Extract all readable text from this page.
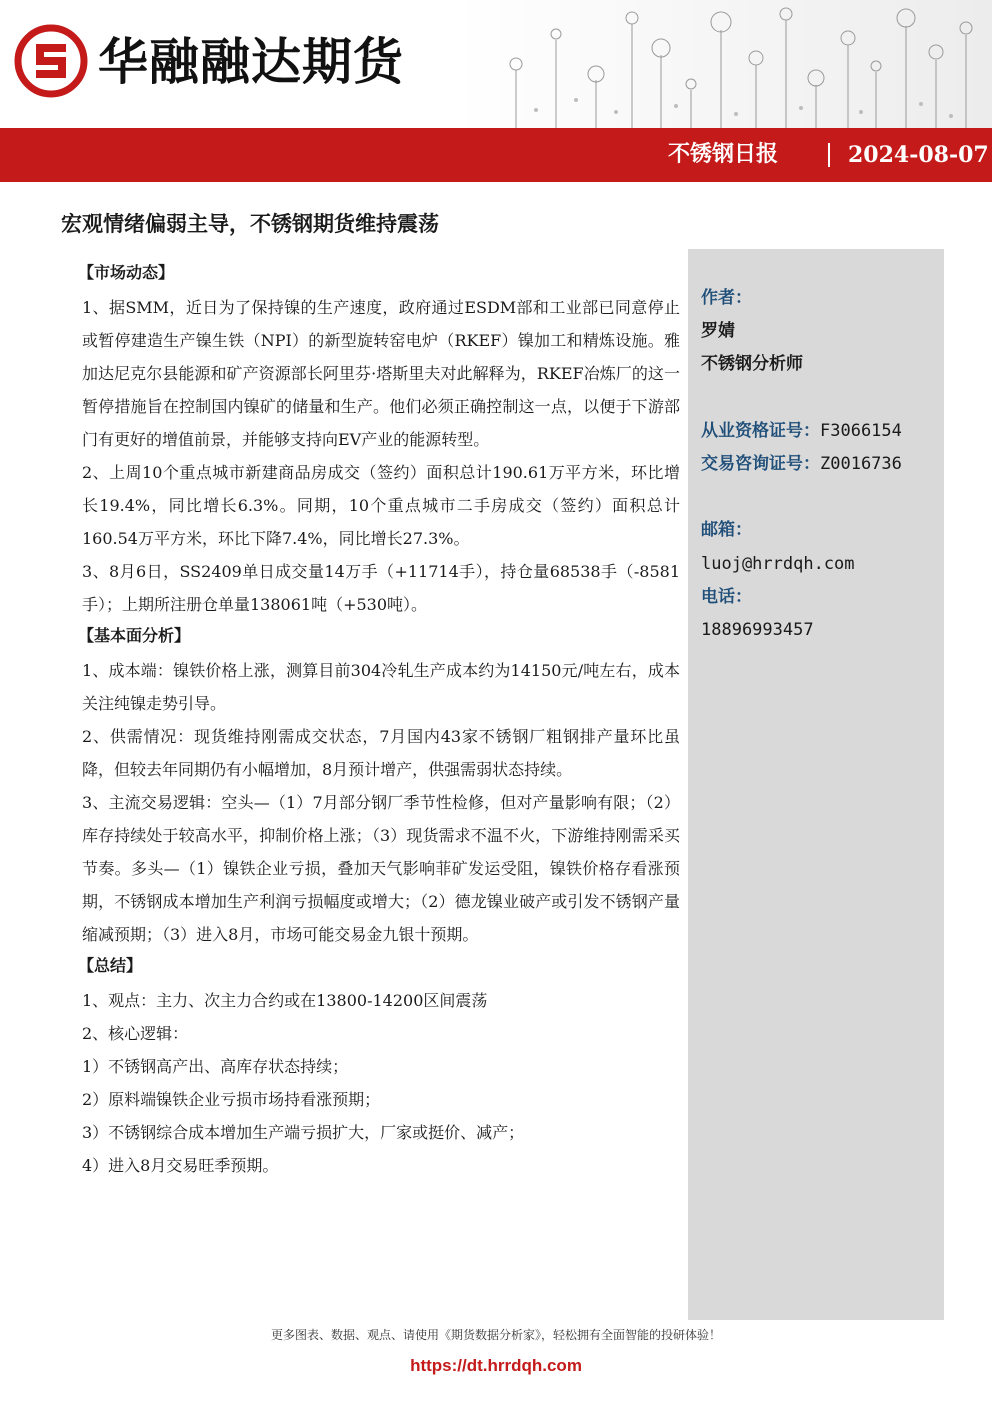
华融融达期货
不锈钢日报	2024-08-07
宏观情绪偏弱主导，不锈钢期货维持震荡
【市场动态】

1、据SMM，近日为了保持镍的生产速度，政府通过ESDM部和工业部已同意停止或暂停建造生产镍生铁（NPI）的新型旋转窑电炉（RKEF）镍加工和精炼设施。雅加达尼克尔县能源和矿产资源部长阿里芬·塔斯里夫对此解释为，RKEF冶炼厂的这一暂停措施旨在控制国内镍矿的储量和生产。他们必须正确控制这一点，以便于下游部门有更好的增值前景，并能够支持向EV产业的能源转型。

2、上周10个重点城市新建商品房成交（签约）面积总计190.61万平方米，环比增长19.4%，同比增长6.3%。同期，10个重点城市二手房成交（签约）面积总计160.54万平方米，环比下降7.4%，同比增长27.3%。

3、8月6日，SS2409单日成交量14万手（+11714手），持仓量68538手（-8581手）；上期所注册仓单量138061吨（+530吨）。

【基本面分析】

1、成本端：镍铁价格上涨，测算目前304冷轧生产成本约为14150元/吨左右，成本关注纯镍走势引导。

2、供需情况：现货维持刚需成交状态，7月国内43家不锈钢厂粗钢排产量环比虽降，但较去年同期仍有小幅增加，8月预计增产，供强需弱状态持续。

3、主流交易逻辑：空头—（1）7月部分钢厂季节性检修，但对产量影响有限；（2）库存持续处于较高水平，抑制价格上涨；（3）现货需求不温不火，下游维持刚需采买节奏。多头—（1）镍铁企业亏损，叠加天气影响菲矿发运受阻，镍铁价格存看涨预期，不锈钢成本增加生产利润亏损幅度或增大；（2）德龙镍业破产或引发不锈钢产量缩减预期；（3）进入8月，市场可能交易金九银十预期。

【总结】

1、观点：主力、次主力合约或在13800-14200区间震荡

2、核心逻辑：

1）不锈钢高产出、高库存状态持续；

2）原料端镍铁企业亏损市场持看涨预期；

3）不锈钢综合成本增加生产端亏损扩大，厂家或挺价、减产；

4）进入8月交易旺季预期。

作者：
罗婧
不锈钢分析师
从业资格证号：F3066154
交易咨询证号：Z0016736
邮箱：
luoj@hrrdqh.com
电话：
18896993457
更多图表、数据、观点、请使用《期货数据分析家》，轻松拥有全面智能的投研体验！
https://dt.hrrdqh.com
